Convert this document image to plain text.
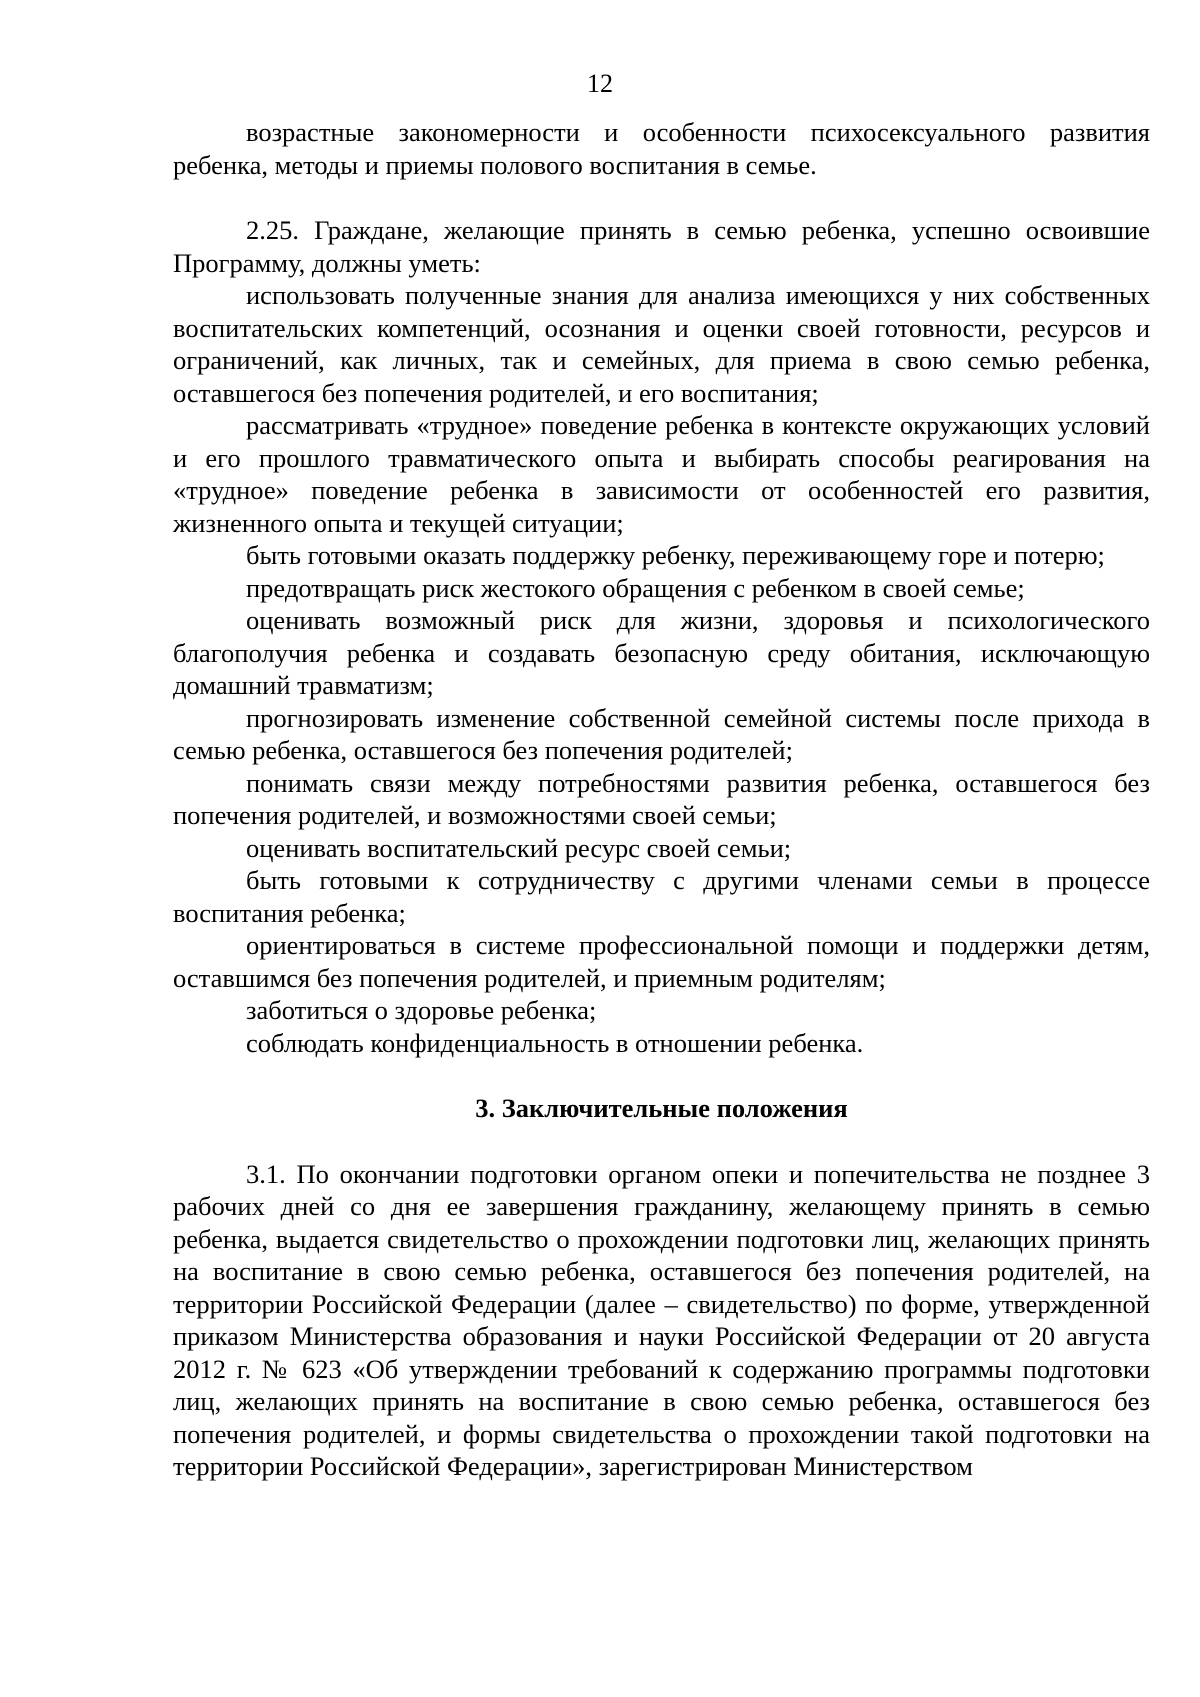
12

возрастные закономерности и особенности психосексуального развития ребенка, методы и приемы полового воспитания в семье.

2.25. Граждане, желающие принять в семью ребенка, успешно освоившие Программу, должны уметь:

использовать полученные знания для анализа имеющихся у них собственных воспитательских компетенций, осознания и оценки своей готовности, ресурсов и ограничений, как личных, так и семейных, для приема в свою семью ребенка, оставшегося без попечения родителей, и его воспитания;

рассматривать «трудное» поведение ребенка в контексте окружающих условий и его прошлого травматического опыта и выбирать способы реагирования на «трудное» поведение ребенка в зависимости от особенностей его развития, жизненного опыта и текущей ситуации;

быть готовыми оказать поддержку ребенку, переживающему горе и потерю;

предотвращать риск жестокого обращения с ребенком в своей семье;

оценивать возможный риск для жизни, здоровья и психологического благополучия ребенка и создавать безопасную среду обитания, исключающую домашний травматизм;

прогнозировать изменение собственной семейной системы после прихода в семью ребенка, оставшегося без попечения родителей;

понимать связи между потребностями развития ребенка, оставшегося без попечения родителей, и возможностями своей семьи;

оценивать воспитательский ресурс своей семьи;

быть готовыми к сотрудничеству с другими членами семьи в процессе воспитания ребенка;

ориентироваться в системе профессиональной помощи и поддержки детям, оставшимся без попечения родителей, и приемным родителям;

заботиться о здоровье ребенка;

соблюдать конфиденциальность в отношении ребенка.

3. Заключительные положения

3.1. По окончании подготовки органом опеки и попечительства не позднее 3 рабочих дней со дня ее завершения гражданину, желающему принять в семью ребенка, выдается свидетельство о прохождении подготовки лиц, желающих принять на воспитание в свою семью ребенка, оставшегося без попечения родителей, на территории Российской Федерации (далее – свидетельство) по форме, утвержденной приказом Министерства образования и науки Российской Федерации от 20 августа 2012 г. № 623 «Об утверждении требований к содержанию программы подготовки лиц, желающих принять на воспитание в свою семью ребенка, оставшегося без попечения родителей, и формы свидетельства о прохождении такой подготовки на территории Российской Федерации», зарегистрирован Министерством
